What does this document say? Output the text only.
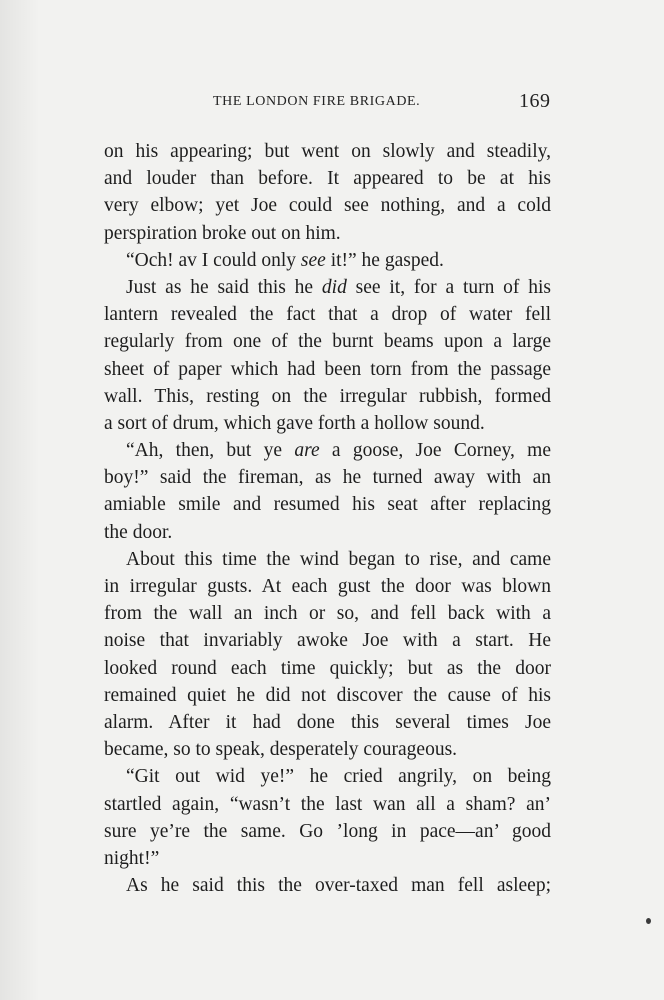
THE LONDON FIRE BRIGADE.	169
on his appearing; but went on slowly and steadily,
and louder than before. It appeared to be at his
very elbow; yet Joe could see nothing, and a cold
perspiration broke out on him.
“Och! av I could only see it!” he gasped.
Just as he said this he did see it, for a turn of his
lantern revealed the fact that a drop of water fell
regularly from one of the burnt beams upon a large
sheet of paper which had been torn from the passage
wall. This, resting on the irregular rubbish, formed
a sort of drum, which gave forth a hollow sound.
“Ah, then, but ye are a goose, Joe Corney, me
boy!” said the fireman, as he turned away with an
amiable smile and resumed his seat after replacing
the door.
About this time the wind began to rise, and came
in irregular gusts. At each gust the door was blown
from the wall an inch or so, and fell back with a
noise that invariably awoke Joe with a start. He
looked round each time quickly; but as the door
remained quiet he did not discover the cause of his
alarm. After it had done this several times Joe
became, so to speak, desperately courageous.
“Git out wid ye!” he cried angrily, on being
startled again, “wasn’t the last wan all a sham? an’
sure ye’re the same. Go ’long in pace—an’ good
night!”
As he said this the over-taxed man fell asleep;
